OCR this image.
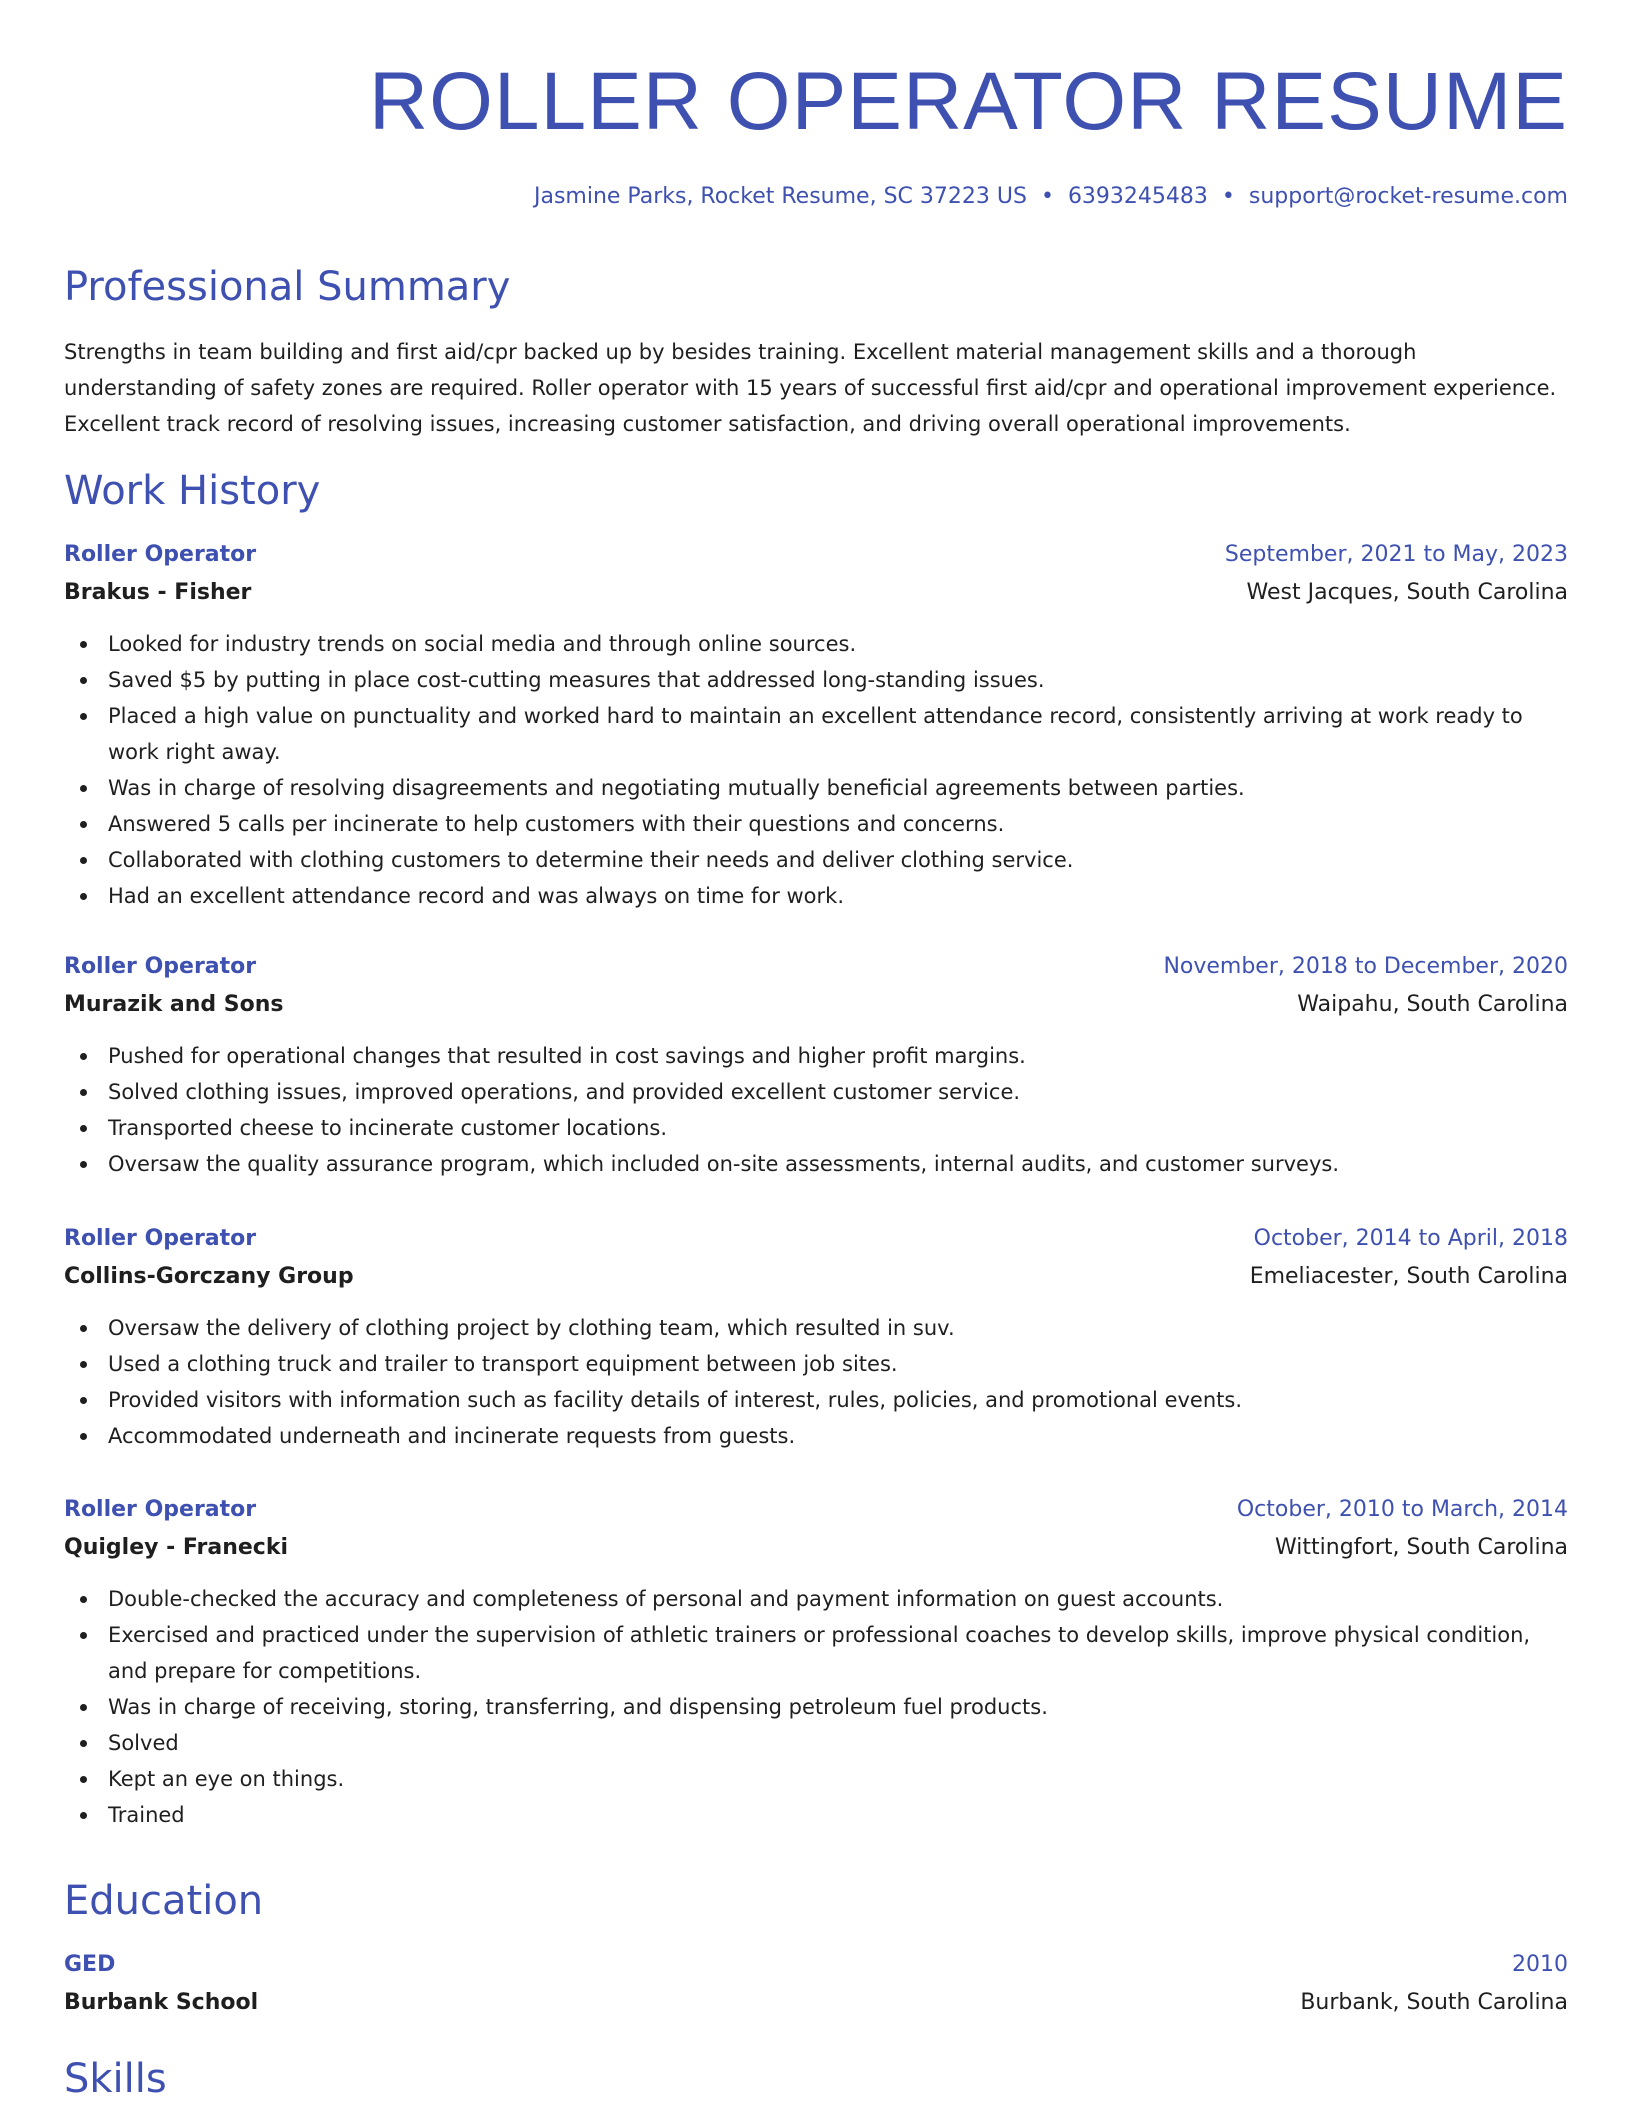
ROLLER OPERATOR RESUME
Jasmine Parks, Rocket Resume, SC 37223 US • 6393245483 • support@rocket-resume.com
Professional Summary

Strengths in team building and first aid/cpr backed up by besides training. Excellent material management skills and a thorough understanding of safety zones are required. Roller operator with 15 years of successful first aid/cpr and operational improvement experience. Excellent track record of resolving issues, increasing customer satisfaction, and driving overall operational improvements.

Work History
Roller Operator	September, 2021 to May, 2023
Brakus - Fisher	West Jacques, South Carolina
Looked for industry trends on social media and through online sources.
Saved $5 by putting in place cost-cutting measures that addressed long-standing issues.
Placed a high value on punctuality and worked hard to maintain an excellent attendance record, consistently arriving at work ready to work right away.
Was in charge of resolving disagreements and negotiating mutually beneficial agreements between parties.
Answered 5 calls per incinerate to help customers with their questions and concerns.
Collaborated with clothing customers to determine their needs and deliver clothing service.
Had an excellent attendance record and was always on time for work.
Roller Operator	November, 2018 to December, 2020
Murazik and Sons	Waipahu, South Carolina
Pushed for operational changes that resulted in cost savings and higher profit margins.
Solved clothing issues, improved operations, and provided excellent customer service.
Transported cheese to incinerate customer locations.
Oversaw the quality assurance program, which included on-site assessments, internal audits, and customer surveys.
Roller Operator	October, 2014 to April, 2018
Collins-Gorczany Group	Emeliacester, South Carolina
Oversaw the delivery of clothing project by clothing team, which resulted in suv.
Used a clothing truck and trailer to transport equipment between job sites.
Provided visitors with information such as facility details of interest, rules, policies, and promotional events.
Accommodated underneath and incinerate requests from guests.
Roller Operator	October, 2010 to March, 2014
Quigley - Franecki	Wittingfort, South Carolina
Double-checked the accuracy and completeness of personal and payment information on guest accounts.
Exercised and practiced under the supervision of athletic trainers or professional coaches to develop skills, improve physical condition, and prepare for competitions.
Was in charge of receiving, storing, transferring, and dispensing petroleum fuel products.
Solved
Kept an eye on things.
Trained
Education
GED	2010
Burbank School	Burbank, South Carolina
Skills
